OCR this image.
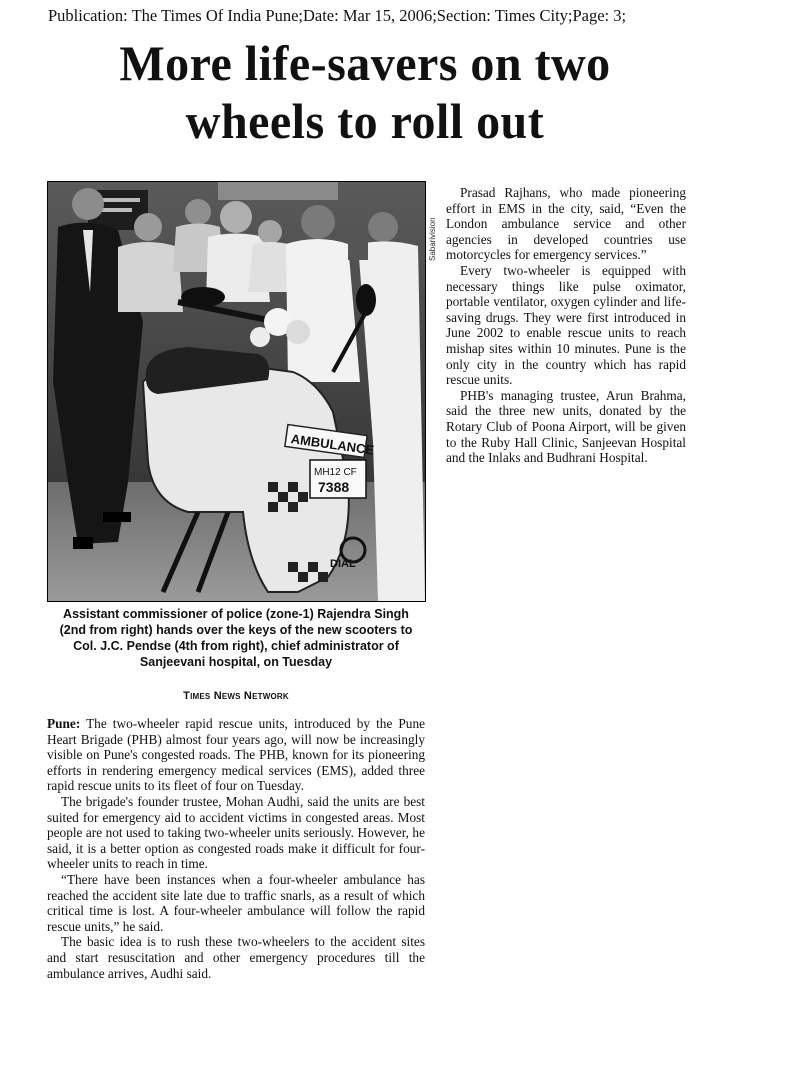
Publication: The Times Of India Pune;Date: Mar 15, 2006;Section: Times City;Page: 3;
More life-savers on two
wheels to roll out
AMBULANCE
MH12 CF
7388
DIAL
Sabarivision
Assistant commissioner of police (zone-1) Rajendra Singh (2nd from right) hands over the keys of the new scooters to Col. J.C. Pendse (4th from right), chief administrator of Sanjeevani hospital, on Tuesday
Times News Network

Pune: The two-wheeler rapid rescue units, introduced by the Pune Heart Brigade (PHB) almost four years ago, will now be increasingly visible on Pune's congested roads. The PHB, known for its pioneering efforts in rendering emergency medical services (EMS), added three rapid rescue units to its fleet of four on Tuesday.

The brigade's founder trustee, Mohan Audhi, said the units are best suited for emergency aid to accident victims in congested areas. Most people are not used to taking two-wheeler units seriously. However, he said, it is a better option as congested roads make it difficult for four-wheeler units to reach in time.

“There have been instances when a four-wheeler ambulance has reached the accident site late due to traffic snarls, as a result of which critical time is lost. A four-wheeler ambulance will follow the rapid rescue units,” he said.

The basic idea is to rush these two-wheelers to the accident sites and start resuscitation and other emergency procedures till the ambulance arrives, Audhi said.

Prasad Rajhans, who made pioneering effort in EMS in the city, said, “Even the London ambulance service and other agencies in developed countries use motorcycles for emergency services.”

Every two-wheeler is equipped with necessary things like pulse oximator, portable ventilator, oxygen cylinder and life-saving drugs. They were first introduced in June 2002 to enable rescue units to reach mishap sites within 10 minutes. Pune is the only city in the country which has rapid rescue units.

PHB's managing trustee, Arun Brahma, said the three new units, donated by the Rotary Club of Poona Airport, will be given to the Ruby Hall Clinic, Sanjeevan Hospital and the Inlaks and Budhrani Hospital.
